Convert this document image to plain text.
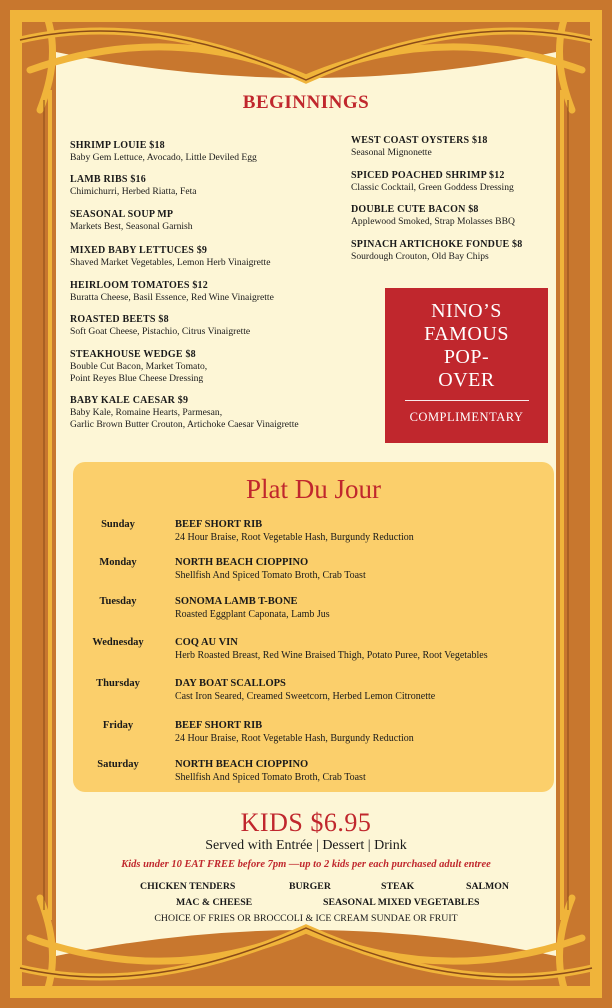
BEGINNINGS
SHRIMP LOUIE $18
Baby Gem Lettuce, Avocado, Little Deviled Egg
LAMB RIBS $16
Chimichurri, Herbed Riatta, Feta
SEASONAL SOUP MP
Markets Best, Seasonal Garnish
MIXED BABY LETTUCES $9
Shaved Market Vegetables, Lemon Herb Vinaigrette
HEIRLOOM TOMATOES $12
Buratta Cheese, Basil Essence, Red Wine Vinaigrette
ROASTED BEETS $8
Soft Goat Cheese, Pistachio, Citrus Vinaigrette
STEAKHOUSE WEDGE $8
Bouble Cut Bacon, Market Tomato,
Point Reyes Blue Cheese Dressing
BABY KALE CAESAR $9
Baby Kale, Romaine Hearts, Parmesan,
Garlic Brown Butter Crouton, Artichoke Caesar Vinaigrette
WEST COAST OYSTERS $18
Seasonal Mignonette
SPICED POACHED SHRIMP $12
Classic Cocktail, Green Goddess Dressing
DOUBLE CUTE BACON $8
Applewood Smoked, Strap Molasses BBQ
SPINACH ARTICHOKE FONDUE $8
Sourdough Crouton, Old Bay Chips
NINO’S
FAMOUS
POP-
OVER
COMPLIMENTARY
Plat Du Jour
Sunday	BEEF SHORT RIB
24 Hour Braise, Root Vegetable Hash, Burgundy Reduction
Monday	NORTH BEACH CIOPPINO
Shellfish And Spiced Tomato Broth, Crab Toast
Tuesday	SONOMA LAMB T-BONE
Roasted Eggplant Caponata, Lamb Jus
Wednesday	COQ AU VIN
Herb Roasted Breast, Red Wine Braised Thigh, Potato Puree, Root Vegetables
Thursday	DAY BOAT SCALLOPS
Cast Iron Seared, Creamed Sweetcorn, Herbed Lemon Citronette
Friday	BEEF SHORT RIB
24 Hour Braise, Root Vegetable Hash, Burgundy Reduction
Saturday	NORTH BEACH CIOPPINO
Shellfish And Spiced Tomato Broth, Crab Toast
KIDS $6.95
Served with Entrée | Dessert | Drink
Kids under 10 EAT FREE before 7pm —up to 2 kids per each purchased adult entree
CHICKEN TENDERS	BURGER	STEAK	SALMON
MAC & CHEESE	SEASONAL MIXED VEGETABLES
CHOICE OF FRIES OR BROCCOLI & ICE CREAM SUNDAE OR FRUIT
